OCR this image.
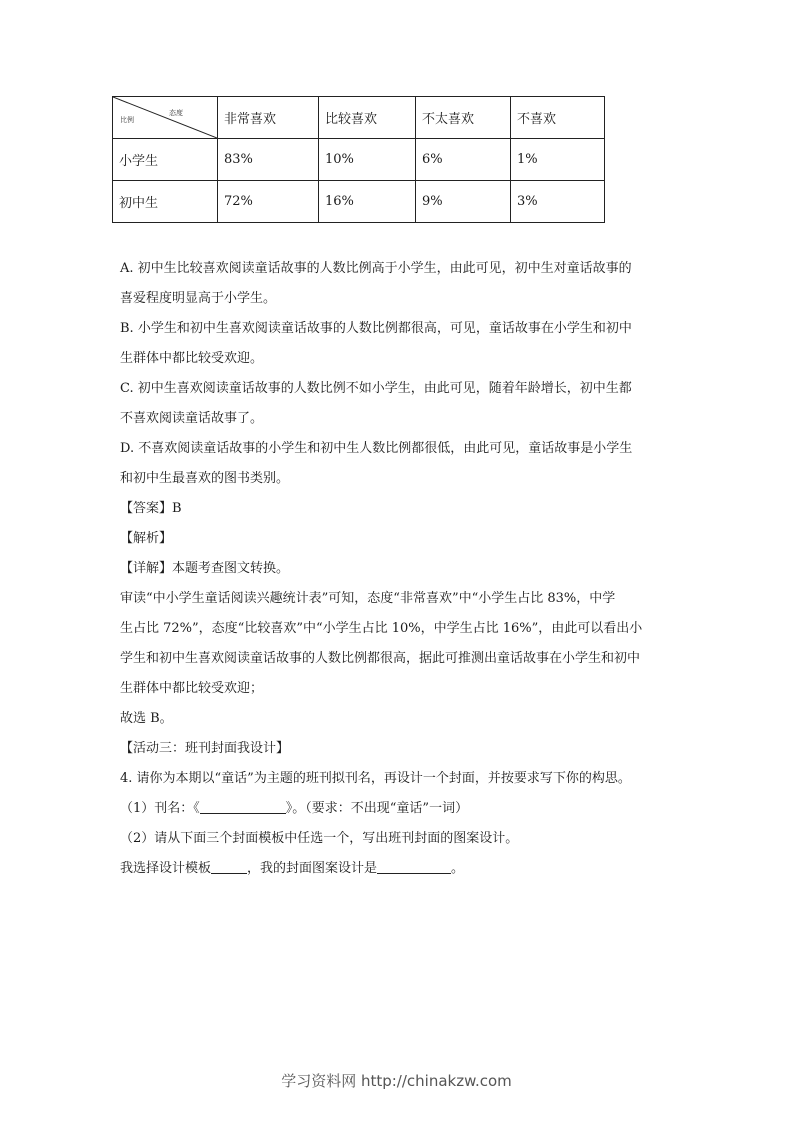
态度
比例	非常喜欢	比较喜欢	不太喜欢	不喜欢
小学生	83%	10%	6%	1%
初中生	72%	16%	9%	3%
A. 初中生比较喜欢阅读童话故事的人数比例高于小学生，由此可见，初中生对童话故事的
喜爱程度明显高于小学生。
B. 小学生和初中生喜欢阅读童话故事的人数比例都很高，可见，童话故事在小学生和初中
生群体中都比较受欢迎。
C. 初中生喜欢阅读童话故事的人数比例不如小学生，由此可见，随着年龄增长，初中生都
不喜欢阅读童话故事了。
D. 不喜欢阅读童话故事的小学生和初中生人数比例都很低，由此可见，童话故事是小学生
和初中生最喜欢的图书类别。
【答案】B
【解析】
【详解】本题考查图文转换。
审读“中小学生童话阅读兴趣统计表”可知，态度“非常喜欢”中“小学生占比 83%，中学
生占比 72%”，态度“比较喜欢”中“小学生占比 10%，中学生占比 16%”，由此可以看出小
学生和初中生喜欢阅读童话故事的人数比例都很高，据此可推测出童话故事在小学生和初中
生群体中都比较受欢迎；
故选 B。
【活动三：班刊封面我设计】
4. 请你为本期以“童话”为主题的班刊拟刊名，再设计一个封面，并按要求写下你的构思。
（1）刊名：《	》。（要求：不出现“童话”一词）
（2）请从下面三个封面模板中任选一个，写出班刊封面的图案设计。
我选择设计模板	，我的封面图案设计是	。
学习资料网 http://chinakzw.com
